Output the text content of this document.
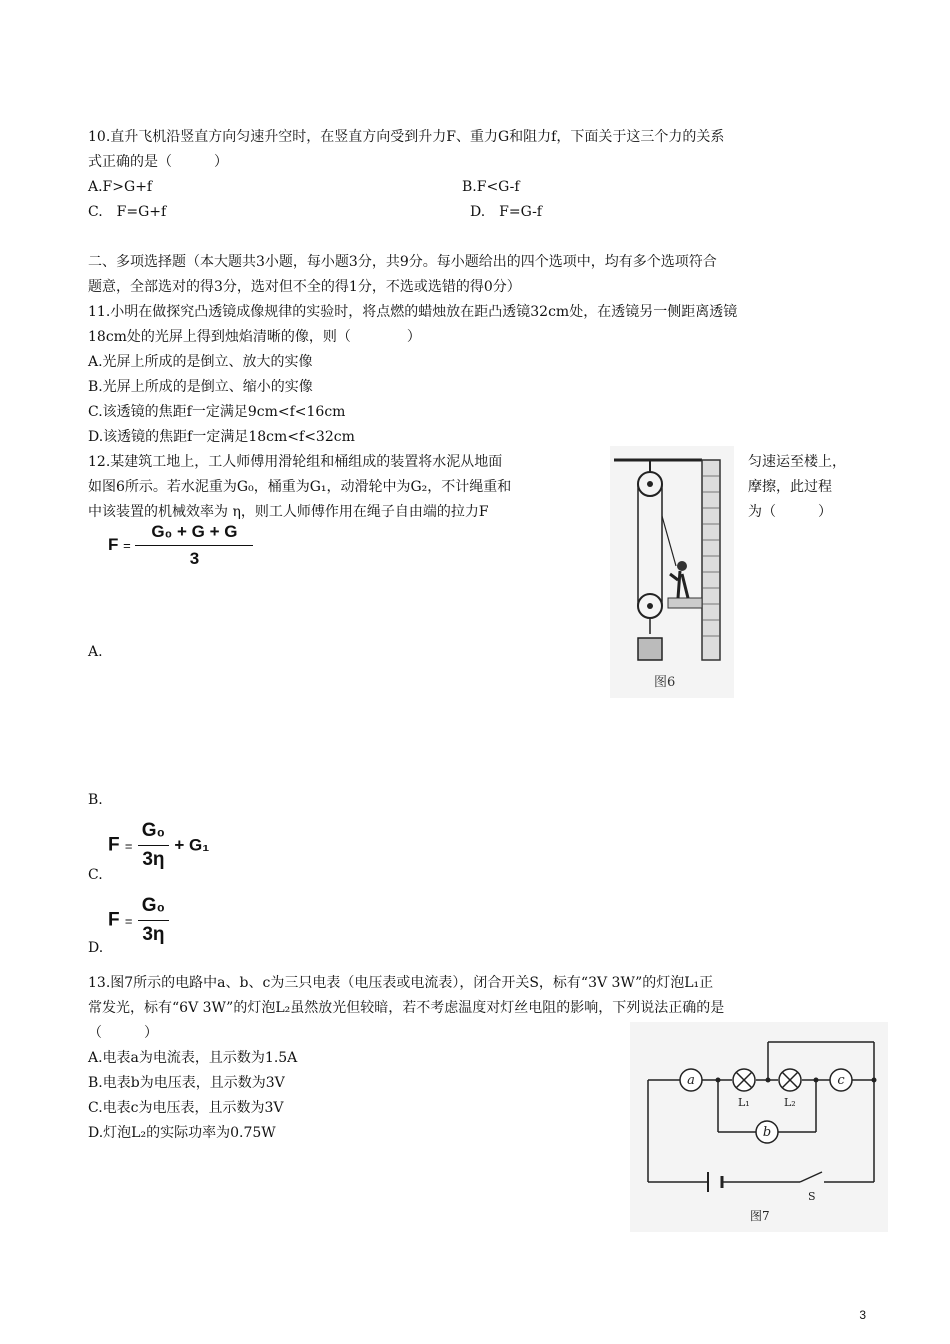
10.直升飞机沿竖直方向匀速升空时，在竖直方向受到升力F、重力G和阻力f，下面关于这三个力的关系
式正确的是（　　　）
A.F>G+f	B.F<G-f
C.　F=G+f	D.　F=G-f
二、多项选择题（本大题共3小题，每小题3分，共9分。每小题给出的四个选项中，均有多个选项符合
题意，全部选对的得3分，选对但不全的得1分，不选或选错的得0分）
11.小明在做探究凸透镜成像规律的实验时，将点燃的蜡烛放在距凸透镜32cm处，在透镜另一侧距离透镜
18cm处的光屏上得到烛焰清晰的像，则（　　　　）
A.光屏上所成的是倒立、放大的实像
B.光屏上所成的是倒立、缩小的实像
C.该透镜的焦距f一定满足9cm<f<16cm
D.该透镜的焦距f一定满足18cm<f<32cm
12.某建筑工地上，工人师傅用滑轮组和桶组成的装置将水泥从地面
如图6所示。若水泥重为G₀，桶重为G₁，动滑轮中为G₂，不计绳重和
中该装置的机械效率为 η，则工人师傅作用在绳子自由端的拉力F
匀速运至楼上，
摩擦，此过程
为（　　　）
$F = \frac{\text{G₀ + G + G}}{3}$
A.
B.
$F = \frac{\text{G₀}}{3\eta} + G_1$
C.
$F = \frac{\text{G₀}}{3\eta}$
D.
图6
13.图7所示的电路中a、b、c为三只电表（电压表或电流表），闭合开关S，标有“3V 3W”的灯泡L₁正
常发光，标有“6V 3W”的灯泡L₂虽然放光但较暗，若不考虑温度对灯丝电阻的影响，下列说法正确的是
（　　　）
A.电表a为电流表，且示数为1.5A
B.电表b为电压表，且示数为3V
C.电表c为电压表，且示数为3V
D.灯泡L₂的实际功率为0.75W
a
b
c
L₁	L₂
S
图7
3
